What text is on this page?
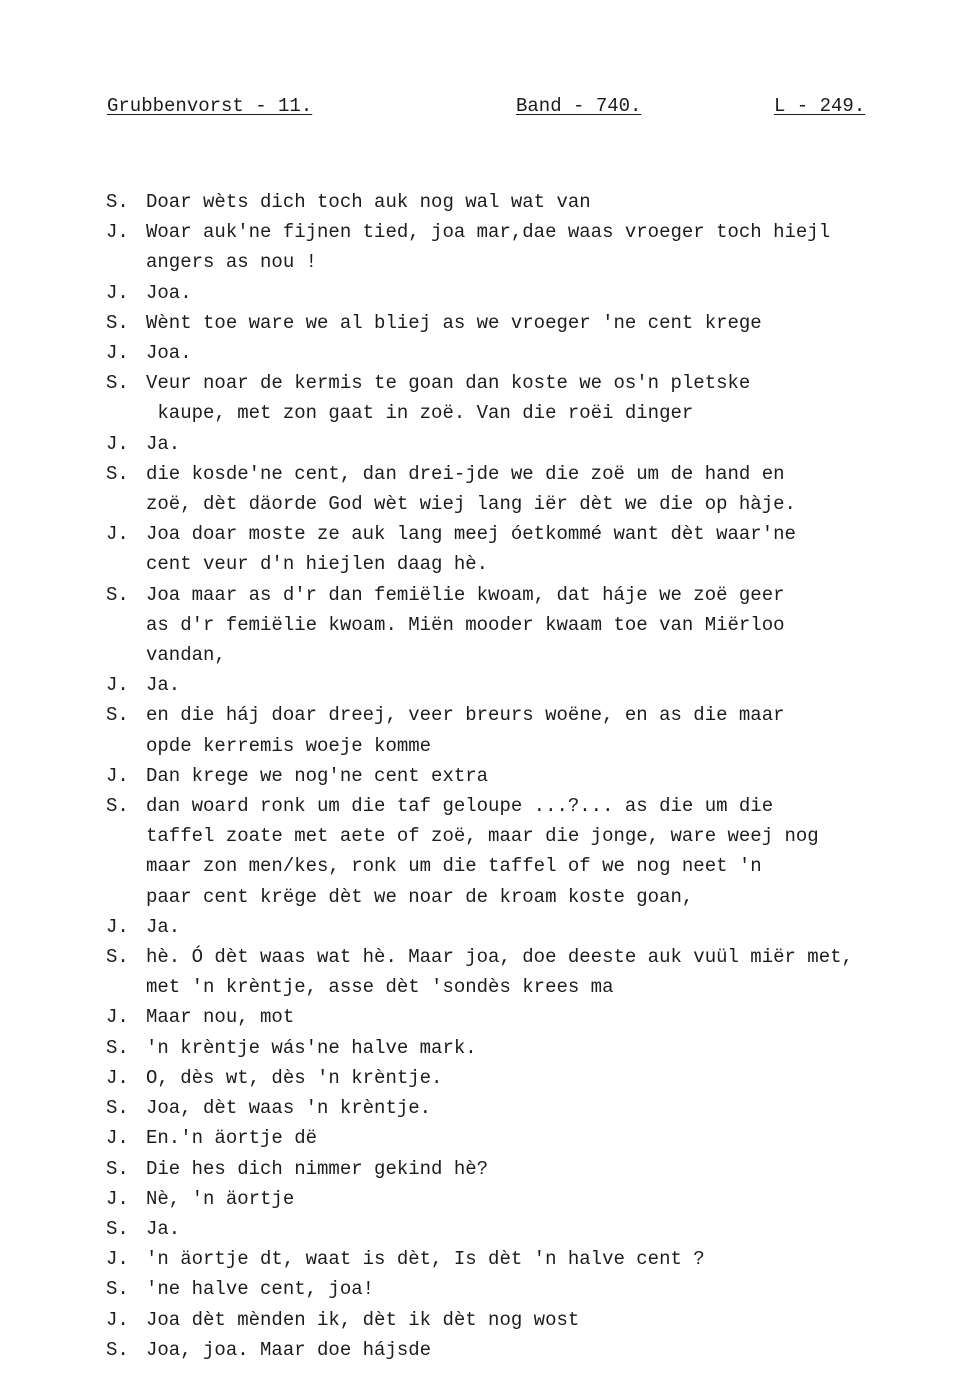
Grubbenvorst - 11.	Band - 740.	L - 249.
S. Doar wèts dich toch auk nog wal wat van
J. Woar auk'ne fijnen tied, joa mar,dae waas vroeger toch hiejl
angers as nou !
J. Joa.
S. Wènt toe ware we al bliej as we vroeger 'ne cent krege
J. Joa.
S. Veur noar de kermis te goan dan koste we os'n pletske
kaupe, met zon gaat in zoë. Van die roëi dinger
J. Ja.
S. die kosde'ne cent, dan drei-jde we die zoë um de hand en
zoë, dèt däorde God wèt wiej lang iër dèt we die op hàje.
J. Joa doar moste ze auk lang meej óetkommé want dèt waar'ne
cent veur d'n hiejlen daag hè.
S. Joa maar as d'r dan femiëlie kwoam, dat háje we zoë geer
as d'r femiëlie kwoam. Miën mooder kwaam toe van Miërloo
vandan,
J. Ja.
S. en die háj doar dreej, veer breurs woëne, en as die maar
opde kerremis woeje komme
J. Dan krege we nog'ne cent extra
S. dan woard ronk um die taf geloupe ...?... as die um die
taffel zoate met aete of zoë, maar die jonge, ware weej nog
maar zon men/kes, ronk um die taffel of we nog neet 'n
paar cent krëge dèt we noar de kroam koste goan,
J. Ja.
S. hè. Ó dèt waas wat hè. Maar joa, doe deeste auk vuül miër met,
met 'n krèntje, asse dèt 'sondès krees ma
J. Maar nou, mot
S. 'n krèntje wás'ne halve mark.
J. O, dès wt, dès 'n krèntje.
S. Joa, dèt waas 'n krèntje.
J. En.'n äortje dë
S. Die hes dich nimmer gekind hè?
J. Nè, 'n äortje
S. Ja.
J. 'n äortje dt, waat is dèt, Is dèt 'n halve cent ?
S. 'ne halve cent, joa!
J. Joa dèt mènden ik, dèt ik dèt nog wost
S. Joa, joa. Maar doe hájsde
